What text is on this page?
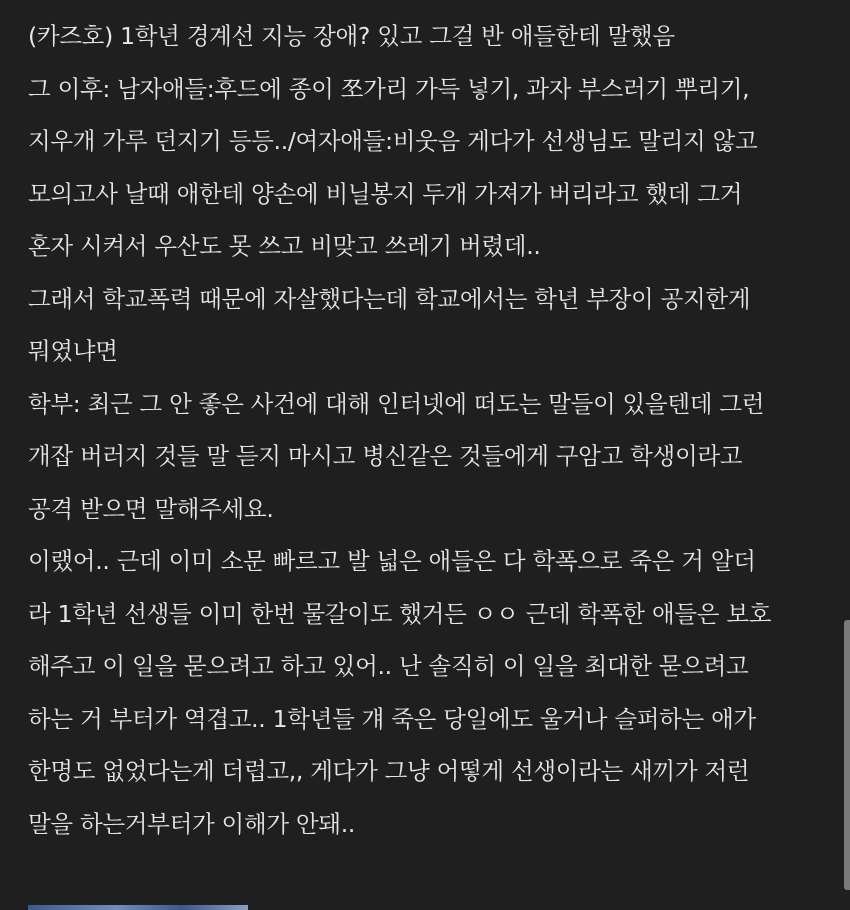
(카즈호) 1학년 경계선 지능 장애? 있고 그걸 반 애들한테 말했음
그 이후: 남자애들:후드에 종이 쪼가리 가득 넣기, 과자 부스러기 뿌리기,
지우개 가루 던지기 등등../여자애들:비웃음 게다가 선생님도 말리지 않고
모의고사 날때 애한테 양손에 비닐봉지 두개 가져가 버리라고 했데 그거
혼자 시켜서 우산도 못 쓰고 비맞고 쓰레기 버렸데..
그래서 학교폭력 때문에 자살했다는데 학교에서는 학년 부장이 공지한게
뭐였냐면
학부: 최근 그 안 좋은 사건에 대해 인터넷에 떠도는 말들이 있을텐데 그런
개잡 버러지 것들 말 듣지 마시고 병신같은 것들에게 구암고 학생이라고
공격 받으면 말해주세요.
이랬어.. 근데 이미 소문 빠르고 발 넓은 애들은 다 학폭으로 죽은 거 알더
라 1학년 선생들 이미 한번 물갈이도 했거든 ㅇㅇ 근데 학폭한 애들은 보호
해주고 이 일을 묻으려고 하고 있어.. 난 솔직히 이 일을 최대한 묻으려고
하는 거 부터가 역겹고.. 1학년들 걔 죽은 당일에도 울거나 슬퍼하는 애가
한명도 없었다는게 더럽고,, 게다가 그냥 어떻게 선생이라는 새끼가 저런
말을 하는거부터가 이해가 안돼..
